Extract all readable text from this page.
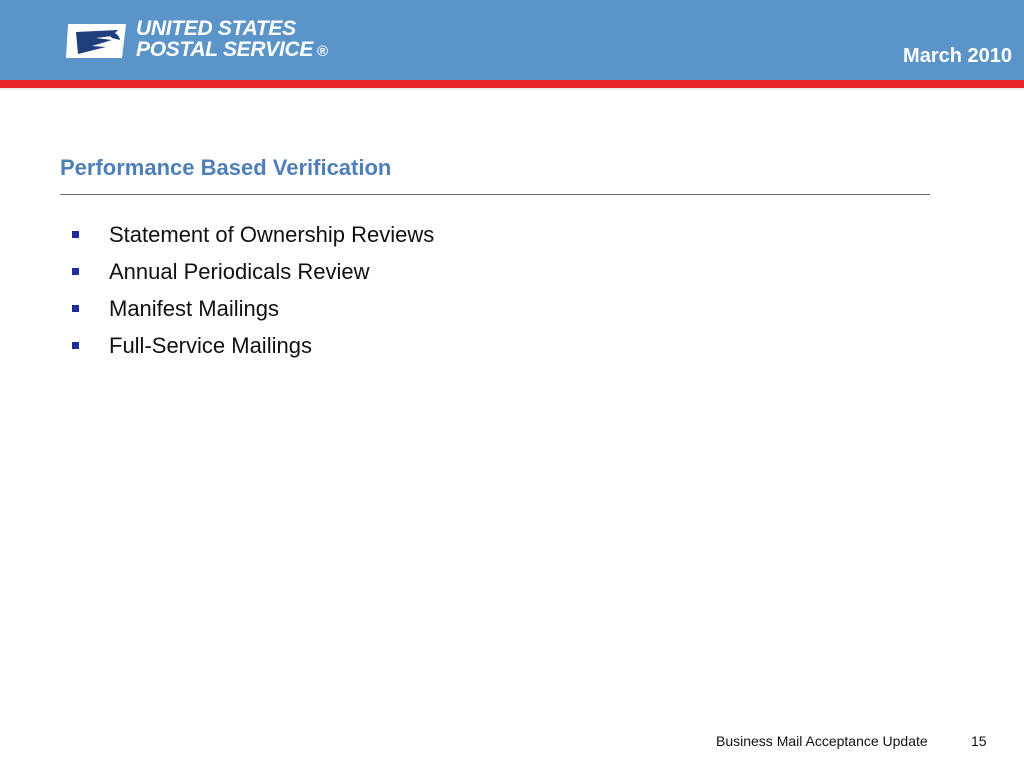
UNITED STATES
POSTAL SERVICE ®	March 2010
Performance Based Verification
Statement of Ownership Reviews
Annual Periodicals Review
Manifest Mailings
Full-Service Mailings
Business Mail Acceptance Update	15
